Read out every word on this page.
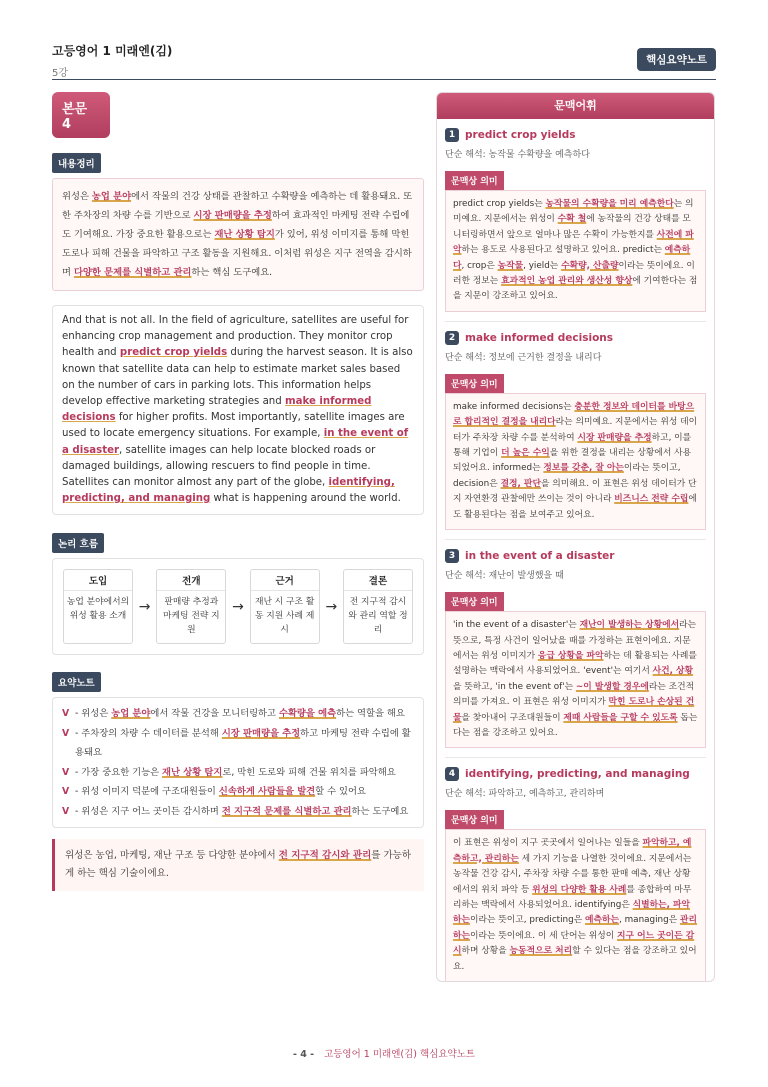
고등영어 1 미래엔(김)
5강
핵심요약노트
본문 4
내용정리
위성은 농업 분야에서 작물의 건강 상태를 관찰하고 수확량을 예측하는 데 활용돼요. 또한 주차장의 차량 수를 기반으로 시장 판매량을 추정하여 효과적인 마케팅 전략 수립에도 기여해요. 가장 중요한 활용으로는 재난 상황 탐지가 있어, 위성 이미지를 통해 막힌 도로나 피해 건물을 파악하고 구조 활동을 지원해요. 이처럼 위성은 지구 전역을 감시하며 다양한 문제를 식별하고 관리하는 핵심 도구예요.
And that is not all. In the field of agriculture, satellites are useful for enhancing crop management and production. They monitor crop health and predict crop yields during the harvest season. It is also known that satellite data can help to estimate market sales based on the number of cars in parking lots. This information helps develop effective marketing strategies and make informed decisions for higher profits. Most importantly, satellite images are used to locate emergency situations. For example, in the event of a disaster, satellite images can help locate blocked roads or damaged buildings, allowing rescuers to find people in time. Satellites can monitor almost any part of the globe, identifying, predicting, and managing what is happening around the world.
논리 흐름
도입
농업 분야에서의 위성 활용 소개
→
전개
판매량 추정과 마케팅 전략 지원
→
근거
재난 시 구조 활동 지원 사례 제시
→
결론
전 지구적 감시와 관리 역할 정리
요약노트
V - 위성은 농업 분야에서 작물 건강을 모니터링하고 수확량을 예측하는 역할을 해요
V - 주차장의 차량 수 데이터를 분석해 시장 판매량을 추정하고 마케팅 전략 수립에 활용돼요
V - 가장 중요한 기능은 재난 상황 탐지로, 막힌 도로와 피해 건물 위치를 파악해요
V - 위성 이미지 덕분에 구조대원들이 신속하게 사람들을 발견할 수 있어요
V - 위성은 지구 어느 곳이든 감시하며 전 지구적 문제를 식별하고 관리하는 도구예요
위성은 농업, 마케팅, 재난 구조 등 다양한 분야에서 전 지구적 감시와 관리를 가능하게 하는 핵심 기술이에요.
문맥어휘
1 predict crop yields
단순 해석: 농작물 수확량을 예측하다
문맥상 의미
predict crop yields는 농작물의 수확량을 미리 예측한다는 의미예요. 지문에서는 위성이 수확 철에 농작물의 건강 상태를 모니터링하면서 앞으로 얼마나 많은 수확이 가능한지를 사전에 파악하는 용도로 사용된다고 설명하고 있어요. predict는 예측하다, crop은 농작물, yield는 수확량, 산출량이라는 뜻이에요. 이러한 정보는 효과적인 농업 관리와 생산성 향상에 기여한다는 점을 지문이 강조하고 있어요.
2 make informed decisions
단순 해석: 정보에 근거한 결정을 내리다
문맥상 의미
make informed decisions는 충분한 정보와 데이터를 바탕으로 합리적인 결정을 내리다라는 의미예요. 지문에서는 위성 데이터가 주차장 차량 수를 분석하여 시장 판매량을 추정하고, 이를 통해 기업이 더 높은 수익을 위한 결정을 내리는 상황에서 사용되었어요. informed는 정보를 갖춘, 잘 아는이라는 뜻이고, decision은 결정, 판단을 의미해요. 이 표현은 위성 데이터가 단지 자연환경 관찰에만 쓰이는 것이 아니라 비즈니스 전략 수립에도 활용된다는 점을 보여주고 있어요.
3 in the event of a disaster
단순 해석: 재난이 발생했을 때
문맥상 의미
'in the event of a disaster'는 재난이 발생하는 상황에서라는 뜻으로, 특정 사건이 일어났을 때를 가정하는 표현이에요. 지문에서는 위성 이미지가 응급 상황을 파악하는 데 활용되는 사례를 설명하는 맥락에서 사용되었어요. 'event'는 여기서 사건, 상황을 뜻하고, 'in the event of'는 ~이 발생할 경우에라는 조건적 의미를 가져요. 이 표현은 위성 이미지가 막힌 도로나 손상된 건물을 찾아내어 구조대원들이 제때 사람들을 구할 수 있도록 돕는다는 점을 강조하고 있어요.
4 identifying, predicting, and managing
단순 해석: 파악하고, 예측하고, 관리하며
문맥상 의미
이 표현은 위성이 지구 곳곳에서 일어나는 일들을 파악하고, 예측하고, 관리하는 세 가지 기능을 나열한 것이에요. 지문에서는 농작물 건강 감시, 주차장 차량 수를 통한 판매 예측, 재난 상황에서의 위치 파악 등 위성의 다양한 활용 사례를 종합하여 마무리하는 맥락에서 사용되었어요. identifying은 식별하는, 파악하는이라는 뜻이고, predicting은 예측하는, managing은 관리하는이라는 뜻이에요. 이 세 단어는 위성이 지구 어느 곳이든 감시하며 상황을 능동적으로 처리할 수 있다는 점을 강조하고 있어요.
- 4 - 고등영어 1 미래엔(김) 핵심요약노트
